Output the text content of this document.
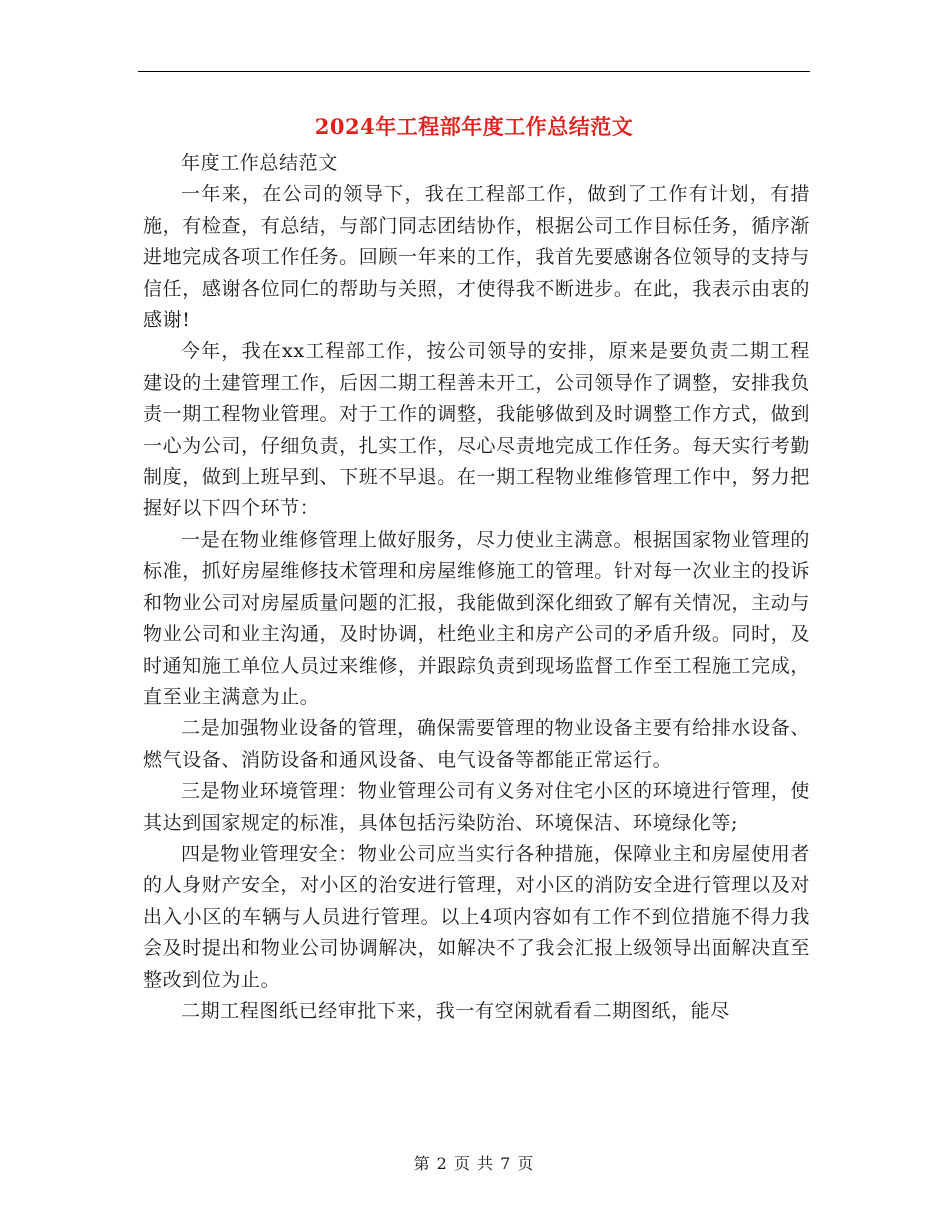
2024年工程部年度工作总结范文

年度工作总结范文

一年来，在公司的领导下，我在工程部工作，做到了工作有计划，有措施，有检查，有总结，与部门同志团结协作，根据公司工作目标任务，循序渐进地完成各项工作任务。回顾一年来的工作，我首先要感谢各位领导的支持与信任，感谢各位同仁的帮助与关照，才使得我不断进步。在此，我表示由衷的感谢!

今年，我在xx工程部工作，按公司领导的安排，原来是要负责二期工程建设的土建管理工作，后因二期工程善未开工，公司领导作了调整，安排我负责一期工程物业管理。对于工作的调整，我能够做到及时调整工作方式，做到一心为公司，仔细负责，扎实工作，尽心尽责地完成工作任务。每天实行考勤制度，做到上班早到、下班不早退。在一期工程物业维修管理工作中，努力把握好以下四个环节：

一是在物业维修管理上做好服务，尽力使业主满意。根据国家物业管理的标准，抓好房屋维修技术管理和房屋维修施工的管理。针对每一次业主的投诉和物业公司对房屋质量问题的汇报，我能做到深化细致了解有关情况，主动与物业公司和业主沟通，及时协调，杜绝业主和房产公司的矛盾升级。同时，及时通知施工单位人员过来维修，并跟踪负责到现场监督工作至工程施工完成，直至业主满意为止。

二是加强物业设备的管理，确保需要管理的物业设备主要有给排水设备、燃气设备、消防设备和通风设备、电气设备等都能正常运行。

三是物业环境管理：物业管理公司有义务对住宅小区的环境进行管理，使其达到国家规定的标准，具体包括污染防治、环境保洁、环境绿化等;

四是物业管理安全：物业公司应当实行各种措施，保障业主和房屋使用者的人身财产安全，对小区的治安进行管理，对小区的消防安全进行管理以及对出入小区的车辆与人员进行管理。以上4项内容如有工作不到位措施不得力我会及时提出和物业公司协调解决，如解决不了我会汇报上级领导出面解决直至整改到位为止。

二期工程图纸已经审批下来，我一有空闲就看看二期图纸，能尽

第 2 页 共 7 页
